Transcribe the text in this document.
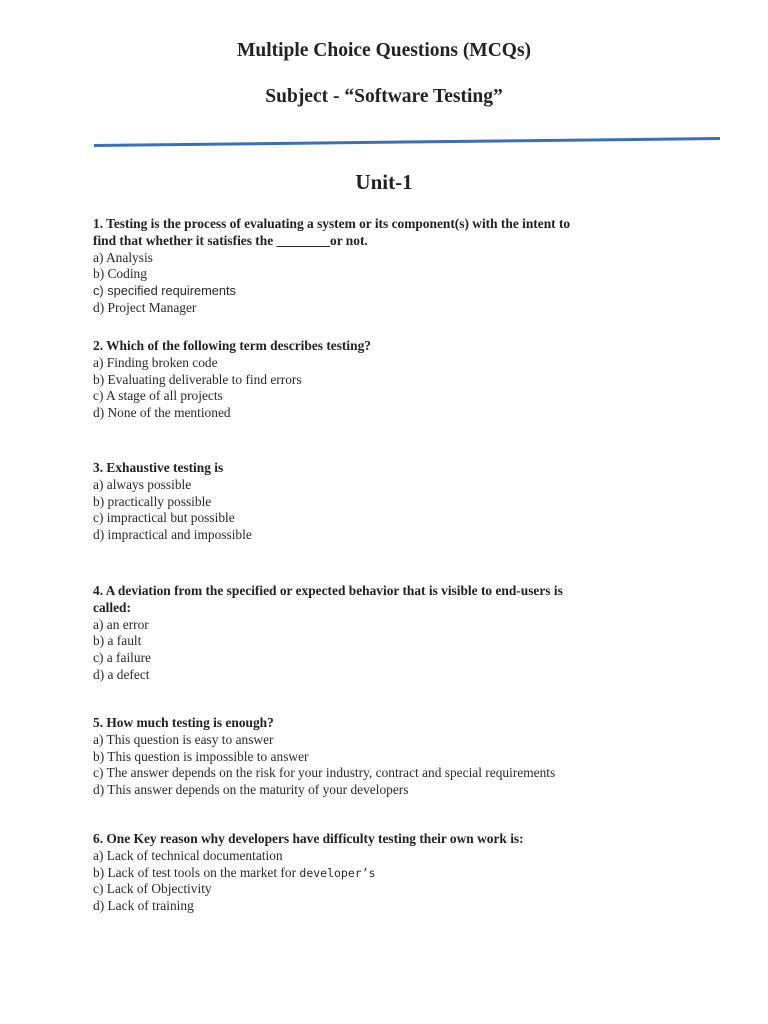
Multiple Choice Questions (MCQs)
Subject - “Software Testing”
Unit-1
1. Testing is the process of evaluating a system or its component(s) with the intent to
find that whether it satisfies the ________or not.
a) Analysis
b) Coding
c) specified requirements
d) Project Manager
2. Which of the following term describes testing?
a) Finding broken code
b) Evaluating deliverable to find errors
c) A stage of all projects
d) None of the mentioned
3. Exhaustive testing is
a) always possible
b) practically possible
c) impractical but possible
d) impractical and impossible
4. A deviation from the specified or expected behavior that is visible to end-users is
called:
a) an error
b) a fault
c) a failure
d) a defect
5. How much testing is enough?
a) This question is easy to answer
b) This question is impossible to answer
c) The answer depends on the risk for your industry, contract and special requirements
d) This answer depends on the maturity of your developers
6. One Key reason why developers have difficulty testing their own work is:
a) Lack of technical documentation
b) Lack of test tools on the market for developer’s
c) Lack of Objectivity
d) Lack of training
